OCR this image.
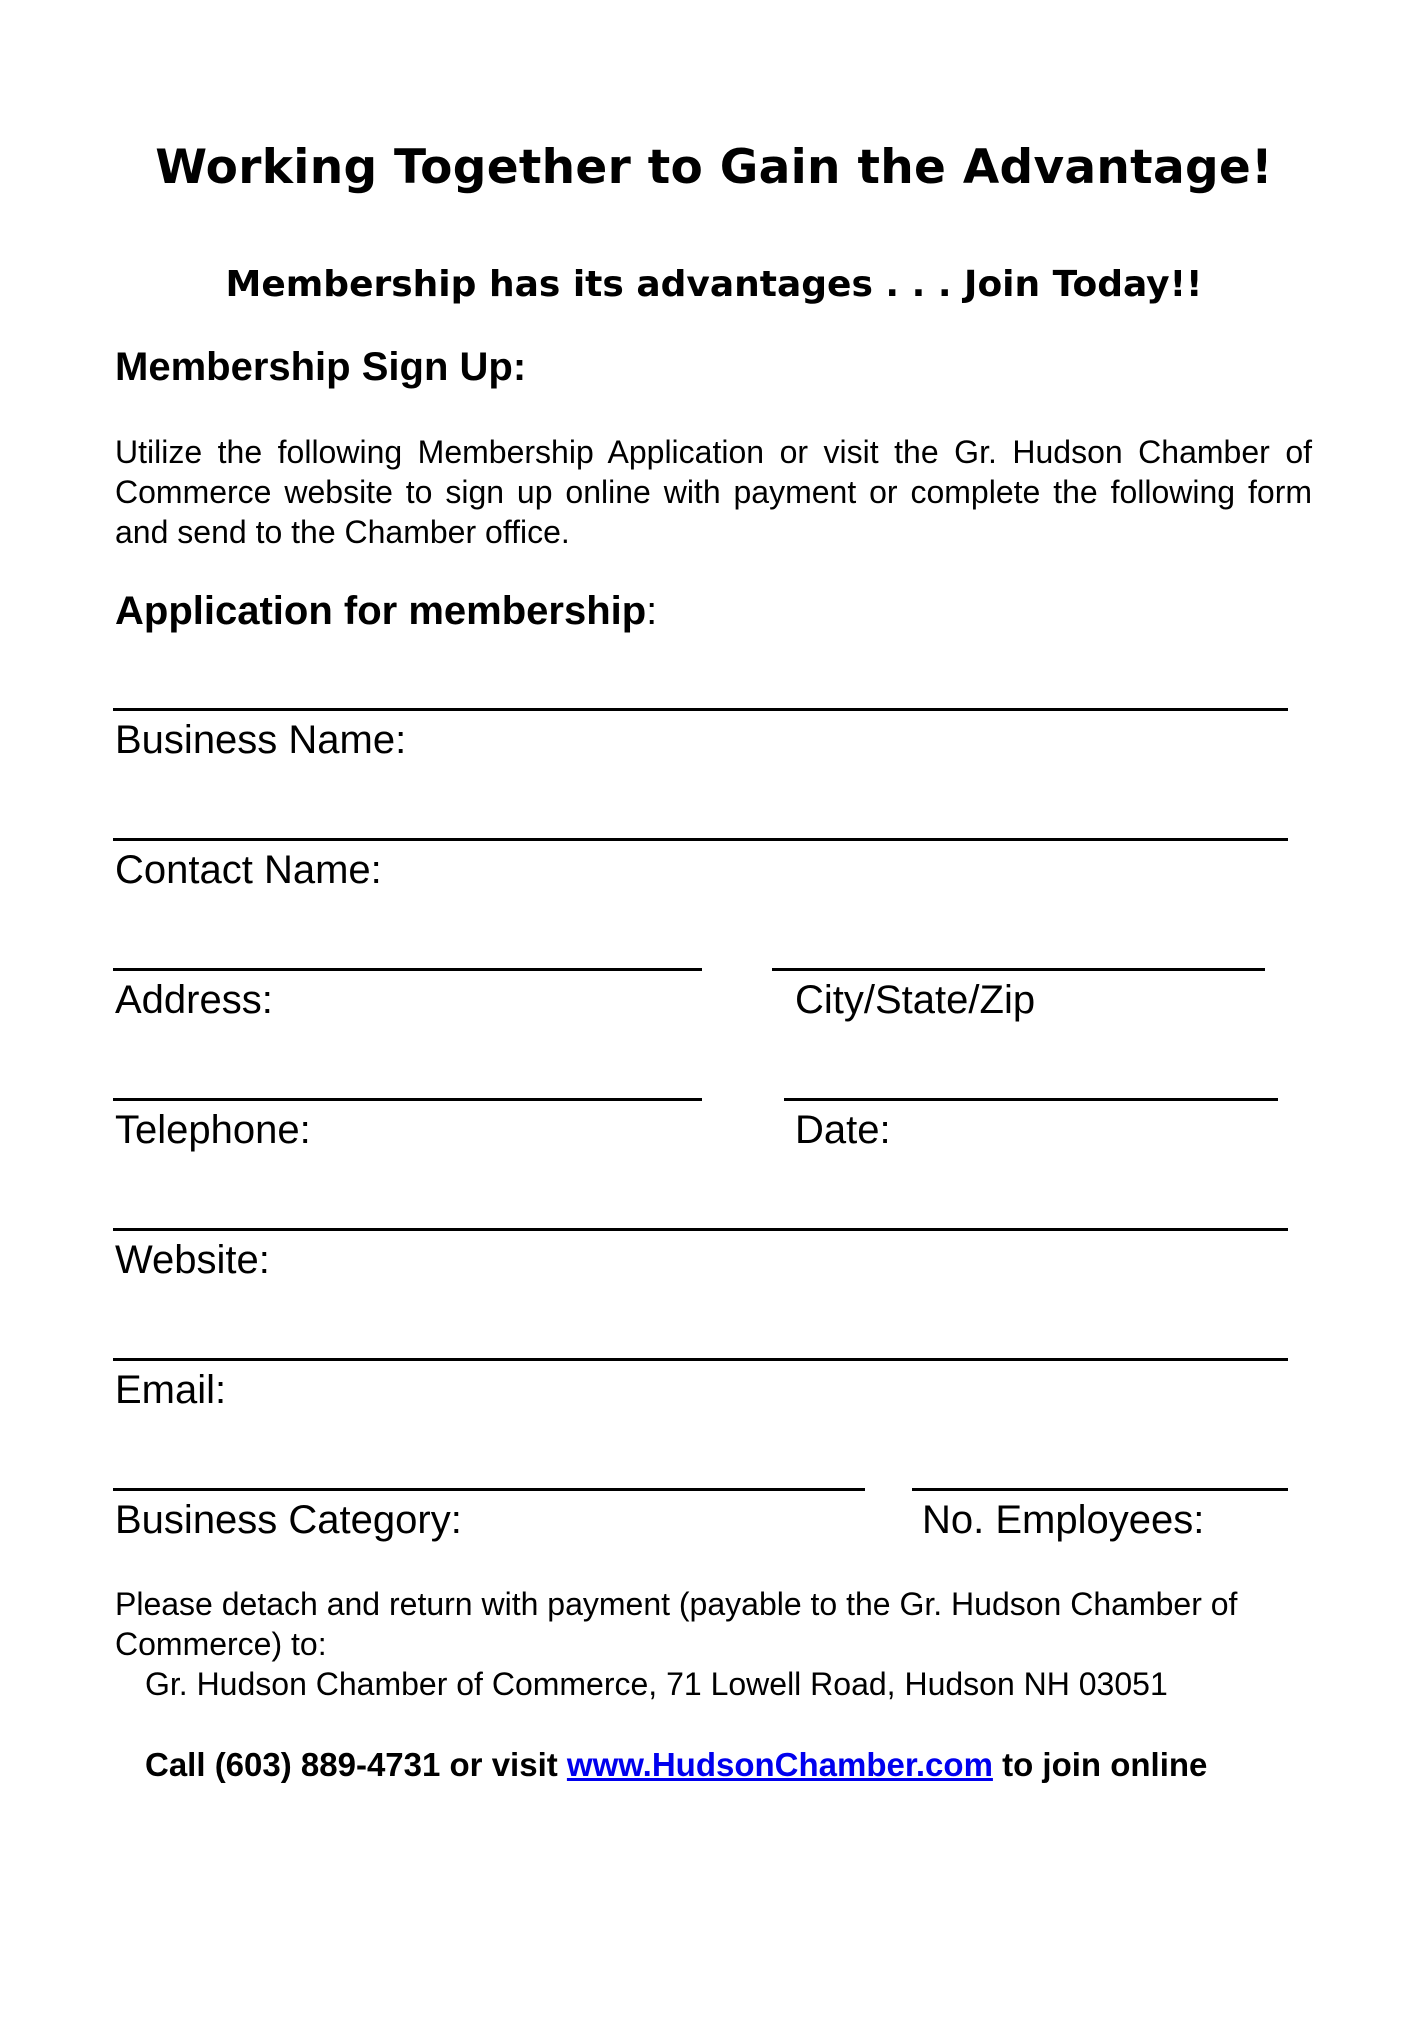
Working Together to Gain the Advantage!
Membership has its advantages . . . Join Today!!
Membership Sign Up:
Utilize the following Membership Application or visit the Gr. Hudson Chamber of Commerce website to sign up online with payment or complete the following form and send to the Chamber office.
Application for membership:
Business Name:
Contact Name:
Address:	City/State/Zip
Telephone:	Date:
Website:
Email:
Business Category:	No. Employees:
Please detach and return with payment (payable to the Gr. Hudson Chamber of Commerce) to:
Gr. Hudson Chamber of Commerce, 71 Lowell Road, Hudson NH 03051
Call (603) 889-4731 or visit www.HudsonChamber.com to join online
